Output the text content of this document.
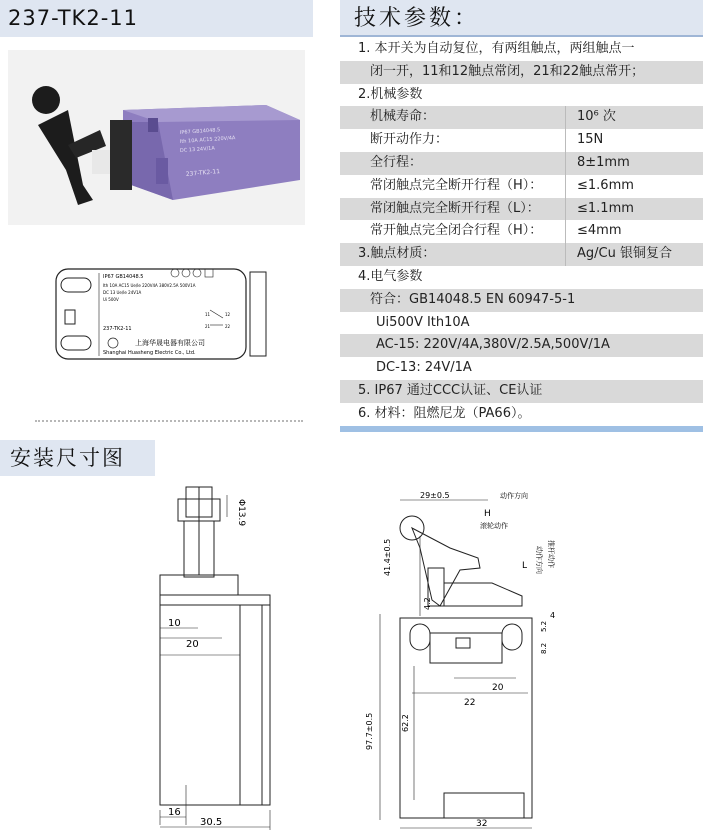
237-TK2-11	技术参数：
IP67 GB14048.5
Ith 10A AC15 220V/4A
DC 13 24V/1A
237-TK2-11
IP67 GB14048.5
Ith 10A AC15 Ue/Ie 220V4A 380V2.5A 500V1A
DC 13 Ue/Ie 24V1A
Ui 500V
11	12
21	22
237-TK2-11
上海华晟电器有限公司
Shanghai Huasheng Electric Co., Ltd.
1. 本开关为自动复位，有两组触点，两组触点一
闭一开，11和12触点常闭，21和22触点常开；
2.机械参数
机械寿命：	10⁶ 次
断开动作力：	15N
全行程：	8±1mm
常闭触点完全断开行程（H）：	≤1.6mm
常闭触点完全断开行程（L）：	≤1.1mm
常开触点完全闭合行程（H）：	≤4mm
3.触点材质：	Ag/Cu 银铜复合
4.电气参数
符合：GB14048.5 EN 60947-5-1
Ui500V Ith10A
AC-15: 220V/4A,380V/2.5A,500V/1A
DC-13: 24V/1A
5. IP67 通过CCC认证、CE认证
6. 材料：阻燃尼龙（PA66）。
安装尺寸图
Φ13.9
10
20
16
30.5
29±0.5	动作方向
H
滚轮动作
L 动作方向 推杆动作
41.4±0.5
4.2
4
5.2
8.2
97.7±0.5
20
22
62.2
32
